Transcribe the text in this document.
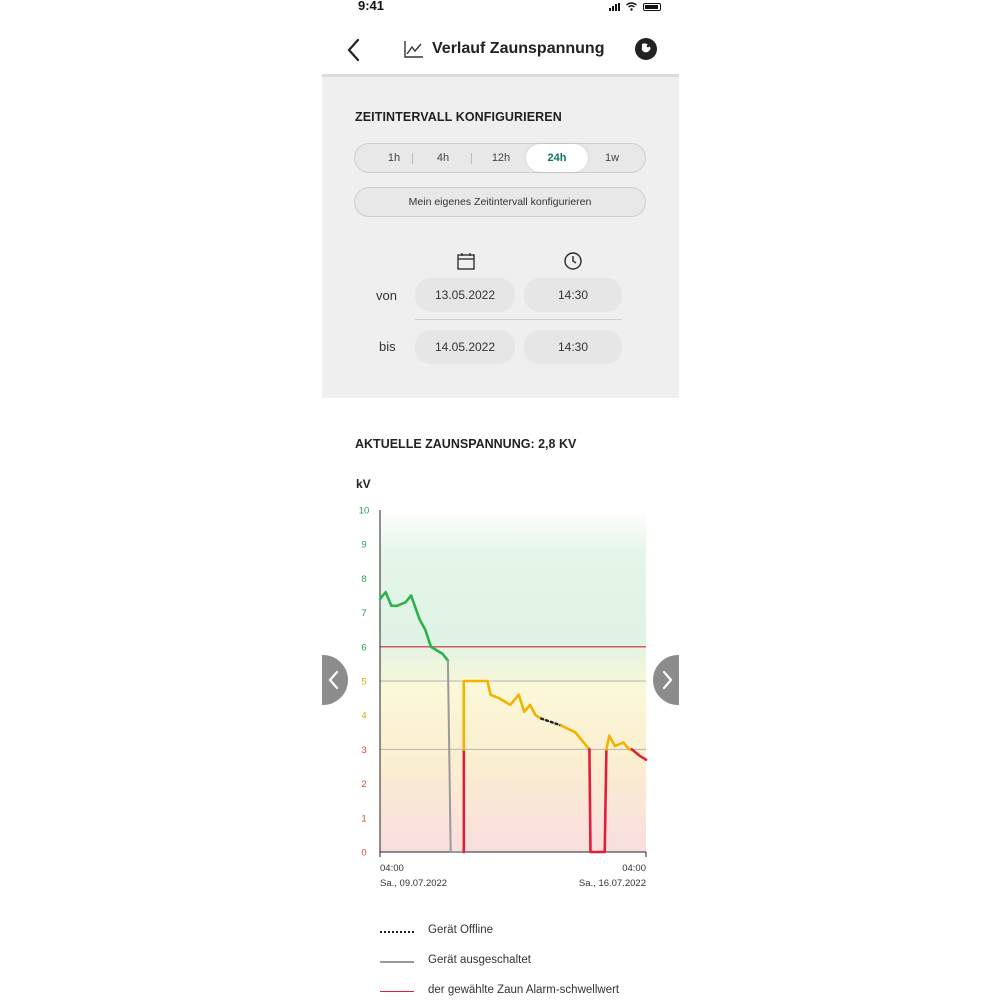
9:41
Verlauf Zaunspannung
ZEITINTERVALL KONFIGURIEREN
1h	4h	12h	24h	1w
Mein eigenes Zeitintervall konfigurieren
von	13.05.2022	14:30
bis	14.05.2022	14:30
AKTUELLE ZAUNSPANNUNG: 2,8 KV
kV
0
1
2
3
4
5
6
7
8
9
10
04:00
Sa., 09.07.2022
04:00
Sa., 16.07.2022
Gerät Offline
Gerät ausgeschaltet
der gewählte Zaun Alarm-schwellwert
